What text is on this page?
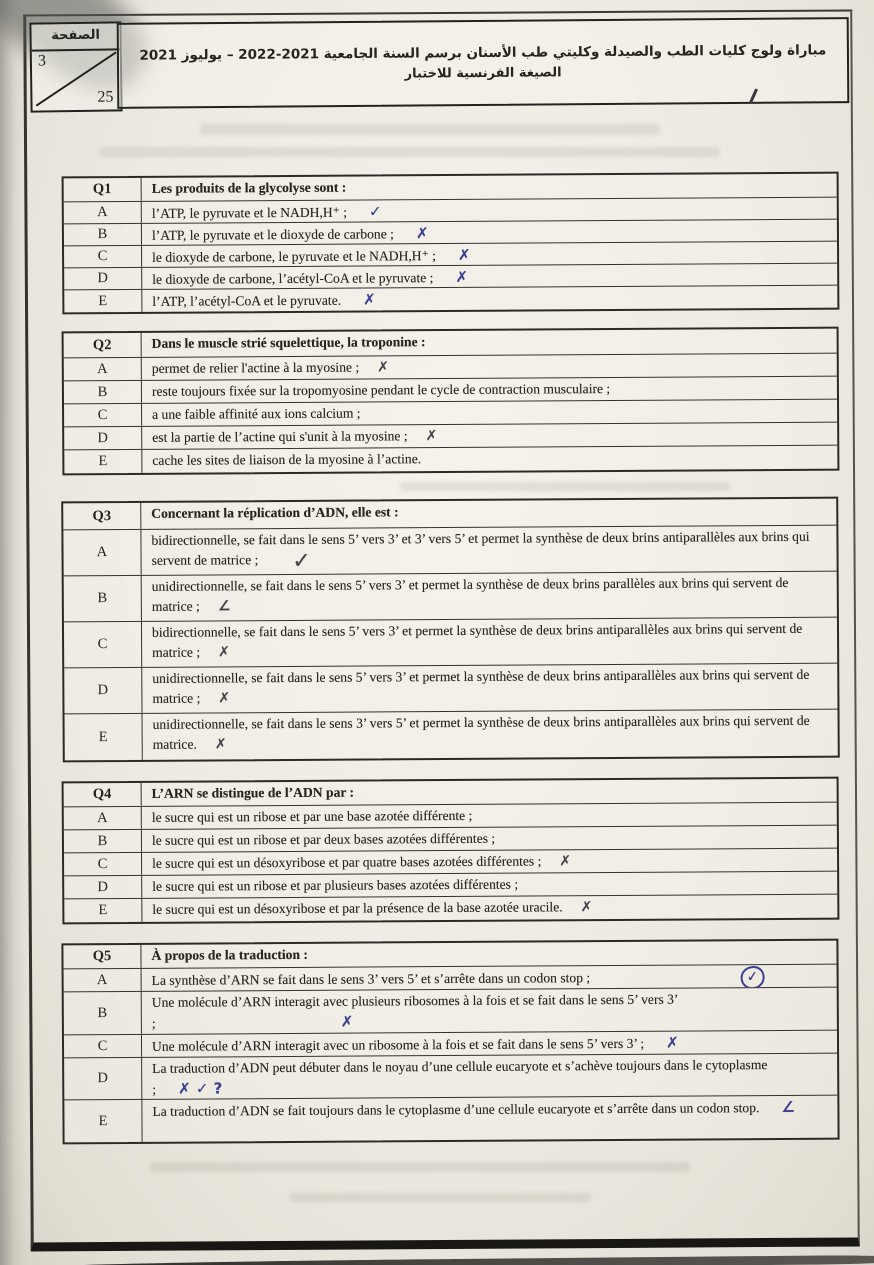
الصفحة
3
25
مباراة ولوج كليات الطب والصيدلة وكليتي طب الأسنان برسم السنة الجامعية 2021-2022 – يوليوز 2021
الصيغة الفرنسية للاختبار
Q1	Les produits de la glycolyse sont :
A	l’ATP, le pyruvate et le NADH,H⁺ ; ✓
B	l’ATP, le pyruvate et le dioxyde de carbone ; ✗
C	le dioxyde de carbone, le pyruvate et le NADH,H⁺ ; ✗
D	le dioxyde de carbone, l’acétyl-CoA et le pyruvate ; ✗
E	l’ATP, l’acétyl-CoA et le pyruvate. ✗
Q2	Dans le muscle strié squelettique, la troponine :
A	permet de relier l'actine à la myosine ; ✗
B	reste toujours fixée sur la tropomyosine pendant le cycle de contraction musculaire ;
C	a une faible affinité aux ions calcium ;
D	est la partie de l’actine qui s'unit à la myosine ; ✗
E	cache les sites de liaison de la myosine à l’actine.
Q3	Concernant la réplication d’ADN, elle est :
A
bidirectionnelle, se fait dans le sens 5’ vers 3’ et 3’ vers 5’ et permet la synthèse de deux brins antiparallèles aux brins qui servent de matrice ; ✓
B
unidirectionnelle, se fait dans le sens 5’ vers 3’ et permet la synthèse de deux brins parallèles aux brins qui servent de matrice ; ∠
C
bidirectionnelle, se fait dans le sens 5’ vers 3’ et permet la synthèse de deux brins antiparallèles aux brins qui servent de matrice ; ✗
D
unidirectionnelle, se fait dans le sens 5’ vers 3’ et permet la synthèse de deux brins antiparallèles aux brins qui servent de matrice ; ✗
E
unidirectionnelle, se fait dans le sens 3’ vers 5’ et permet la synthèse de deux brins antiparallèles aux brins qui servent de matrice. ✗
Q4	L’ARN se distingue de l’ADN par :
A	le sucre qui est un ribose et par une base azotée différente ;
B	le sucre qui est un ribose et par deux bases azotées différentes ;
C	le sucre qui est un désoxyribose et par quatre bases azotées différentes ; ✗
D	le sucre qui est un ribose et par plusieurs bases azotées différentes ;
E	le sucre qui est un désoxyribose et par la présence de la base azotée uracile. ✗
Q5	À propos de la traduction :
A	La synthèse d’ARN se fait dans le sens 3’ vers 5’ et s’arrête dans un codon stop ;	✓
B
Une molécule d’ARN interagit avec plusieurs ribosomes à la fois et se fait dans le sens 5’ vers 3’ ;	✗
C	Une molécule d’ARN interagit avec un ribosome à la fois et se fait dans le sens 5’ vers 3’ ; ✗
D
La traduction d’ADN peut débuter dans le noyau d’une cellule eucaryote et s’achève toujours dans le cytoplasme ; ✗ ✓ ?
E
La traduction d’ADN se fait toujours dans le cytoplasme d’une cellule eucaryote et s’arrête dans un codon stop. ∠
